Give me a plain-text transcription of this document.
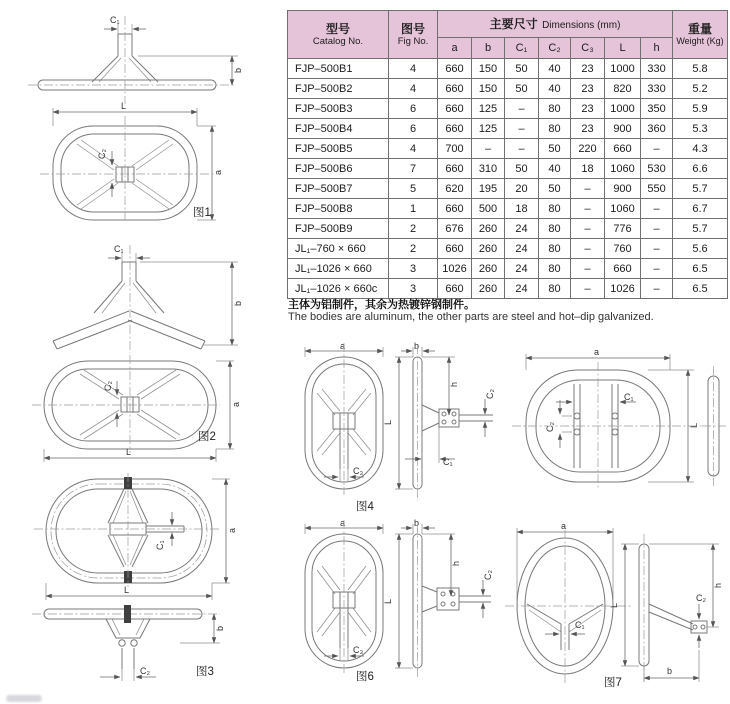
型号
Catalog No.

图号
Fig No.
	主要尺寸 Dimensions (mm)	重量
Weight (Kg)

		a	b	C₁	C₂	C₃	L	h	
FJP–500B1	4	660	150	50	40	23	1000	330	5.8
FJP–500B2	4	660	150	50	40	23	820	330	5.2
FJP–500B3	6	660	125	–	80	23	1000	350	5.9
FJP–500B4	6	660	125	–	80	23	900	360	5.3
FJP–500B5	4	700	–	–	50	220	660	–	4.3
FJP–500B6	7	660	310	50	40	18	1060	530	6.6
FJP–500B7	5	620	195	20	50	–	900	550	5.7
FJP–500B8	1	660	500	18	80	–	1060	–	6.7
FJP–500B9	2	676	260	24	80	–	776	–	5.7
JL₁–760 × 660	2	660	260	24	80	–	760	–	5.6
JL₁–1026 × 660	3	1026	260	24	80	–	660	–	6.5
JL₁–1026 × 660c	3	660	260	24	80	–	1026	–	6.5
主体为铝制件，其余为热镀锌钢制件。
The bodies are aluminum, the other parts are steel and hot–dip galvanized.
C₁
b
C₂
L
a
图1
C₁
b
C₂
a
L
图2
C₁
a
L
b
C₂	图3
a
C₃
b
L
h
C₂
C₁
图4
a
C₁
C₂	L
a
C₃
b
L
h
C₂
图6
a
C₁
L
h
C₂
b
图7
